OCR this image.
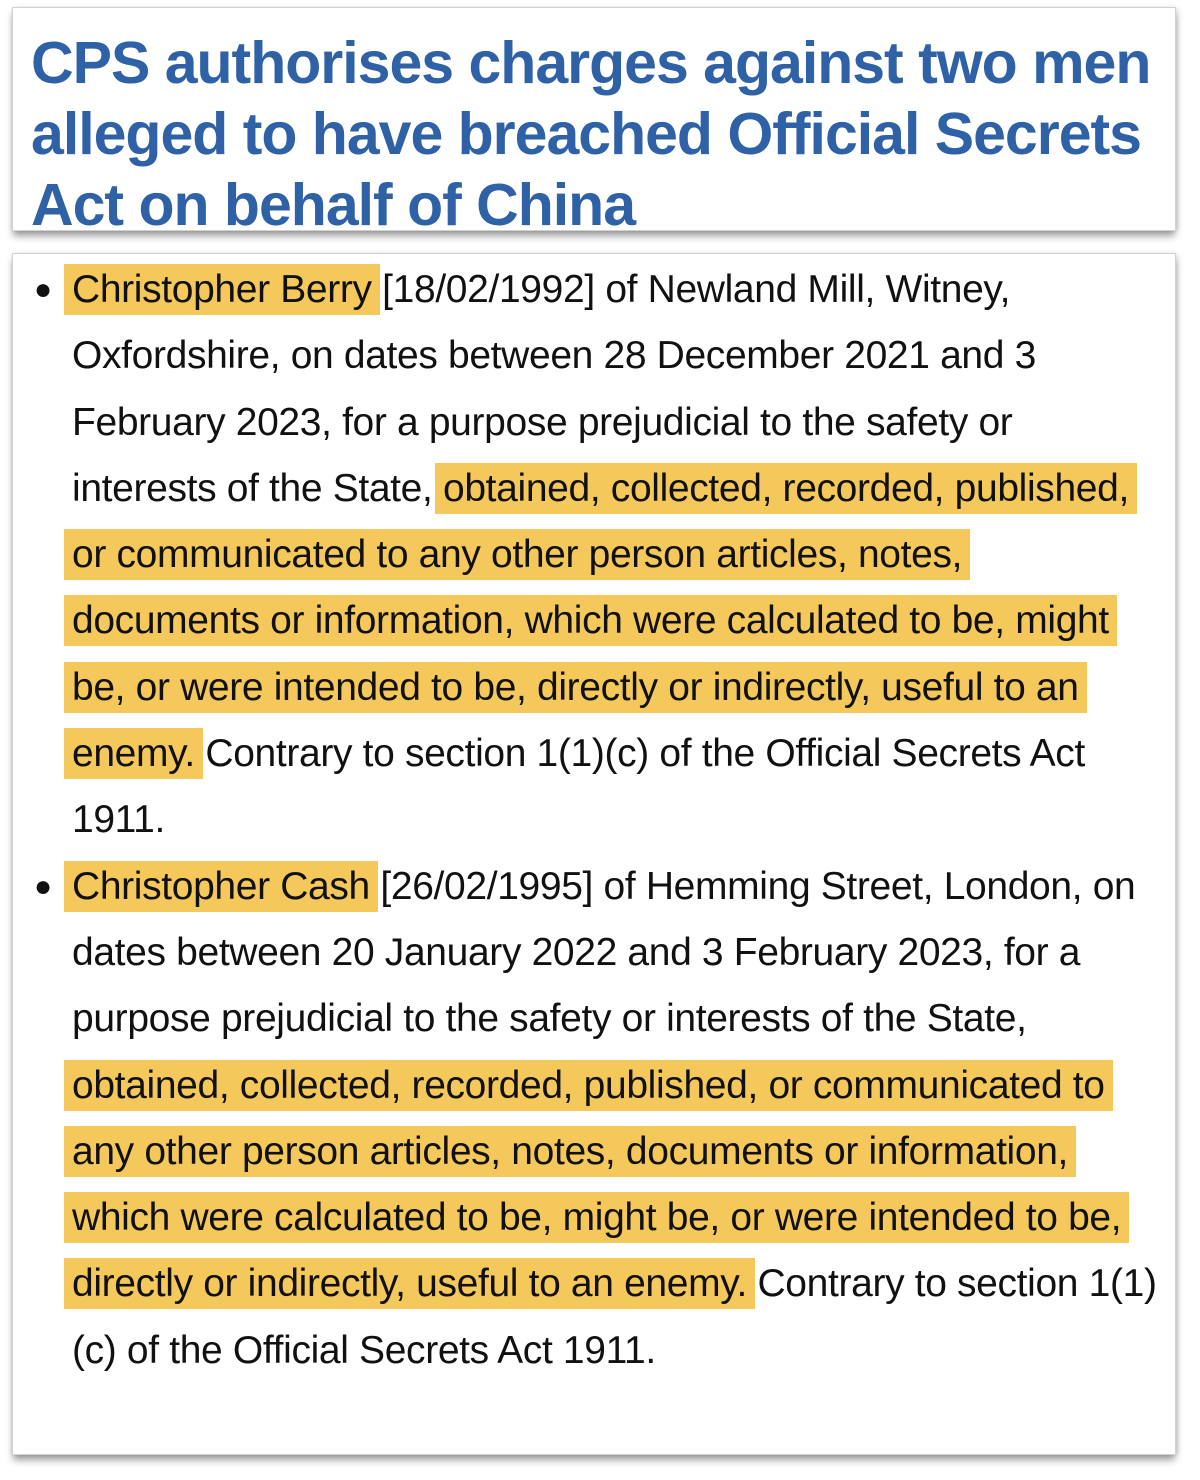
CPS authorises charges against two men alleged to have breached Official Secrets Act on behalf of China
● Christopher Berry [18/02/1992] of Newland Mill, Witney, Oxfordshire, on dates between 28 December 2021 and 3 February 2023, for a purpose prejudicial to the safety or interests of the State, obtained, collected, recorded, published, or communicated to any other person articles, notes, documents or information, which were calculated to be, might be, or were intended to be, directly or indirectly, useful to an enemy. Contrary to section 1(1)(c) of the Official Secrets Act 1911.
● Christopher Cash [26/02/1995] of Hemming Street, London, on dates between 20 January 2022 and 3 February 2023, for a purpose prejudicial to the safety or interests of the State, obtained, collected, recorded, published, or communicated to any other person articles, notes, documents or information, which were calculated to be, might be, or were intended to be, directly or indirectly, useful to an enemy. Contrary to section 1(1)(c) of the Official Secrets Act 1911.
